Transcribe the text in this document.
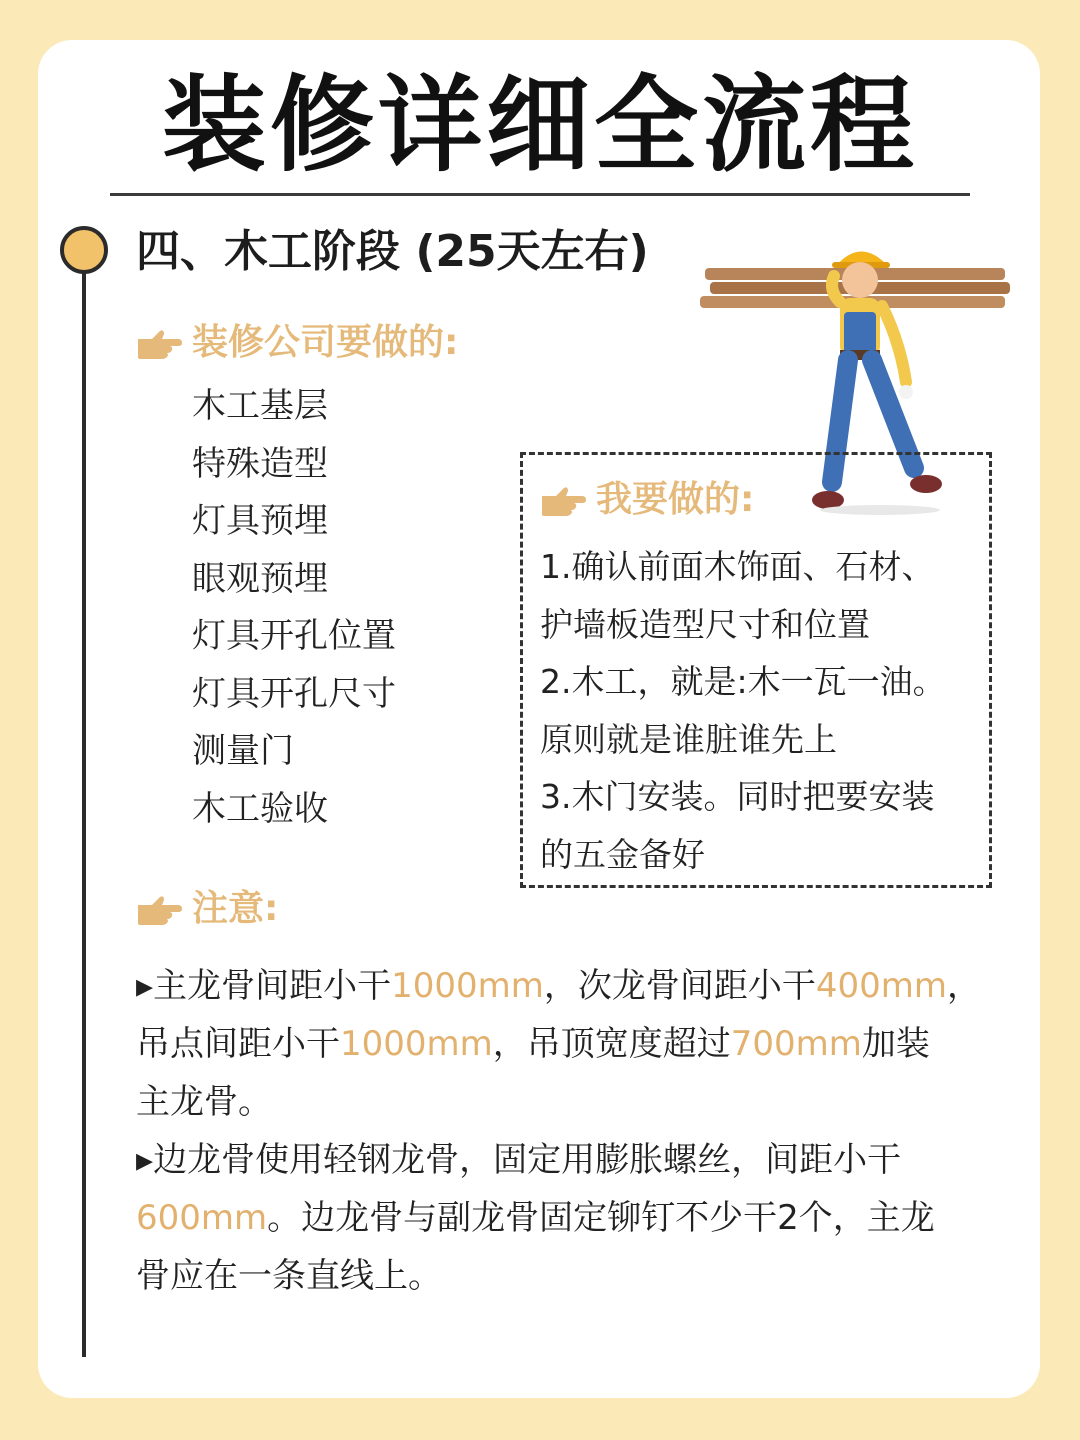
装修详细全流程
四、木工阶段 (25天左右)
装修公司要做的:
木工基层
特殊造型
灯具预埋
眼观预埋
灯具开孔位置
灯具开孔尺寸
测量门
木工验收
我要做的:
1.确认前面木饰面、石材、
护墙板造型尺寸和位置
2.木工，就是:木一瓦一油。
原则就是谁脏谁先上
3.木门安装。同时把要安装
的五金备好
注意:
▸主龙骨间距小干1000mm，次龙骨间距小干400mm，
吊点间距小干1000mm，吊顶宽度超过700mm加装
主龙骨。
▸边龙骨使用轻钢龙骨，固定用膨胀螺丝，间距小干
600mm。边龙骨与副龙骨固定铆钉不少干2个，主龙
骨应在一条直线上。
